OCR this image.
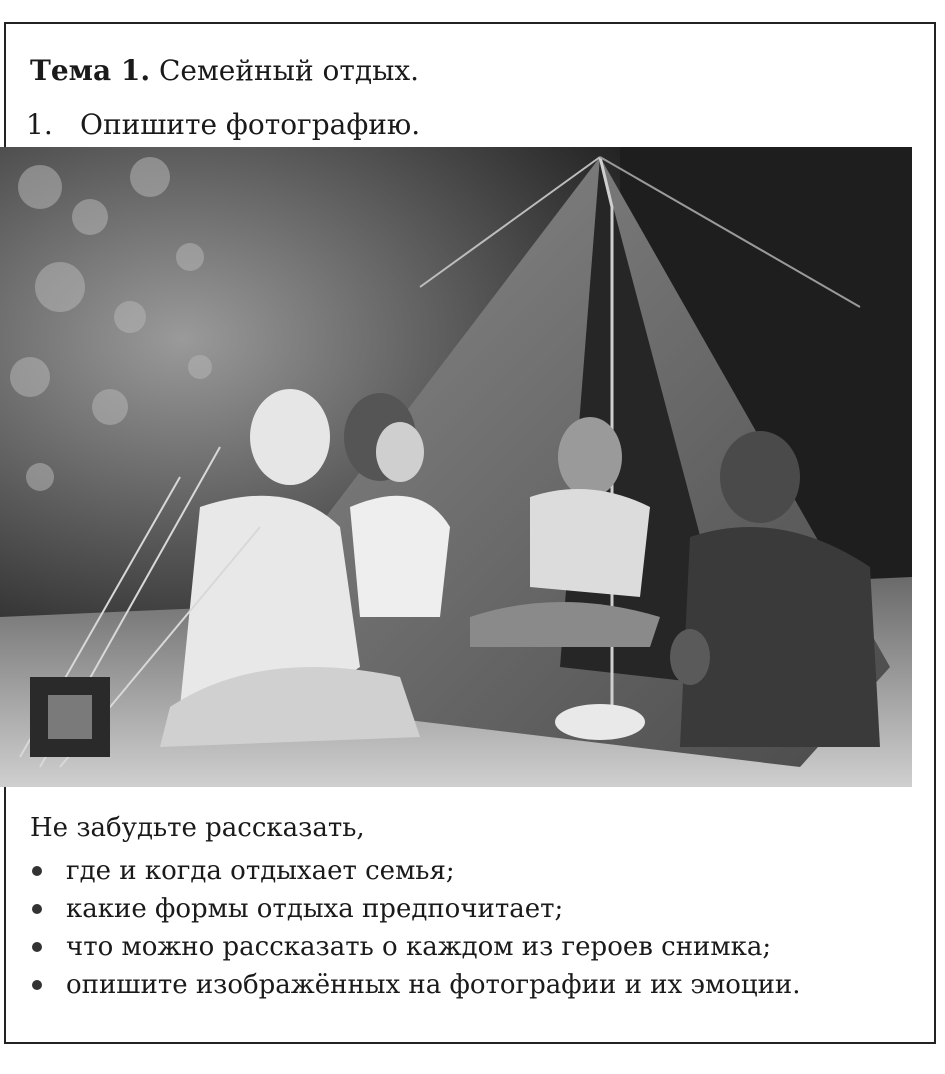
Тема 1. Семейный отдых.
1. Опишите фотографию.
Не забудьте рассказать,
где и когда отдыхает семья;
какие формы отдыха предпочитает;
что можно рассказать о каждом из героев снимка;
опишите изображённых на фотографии и их эмоции.
